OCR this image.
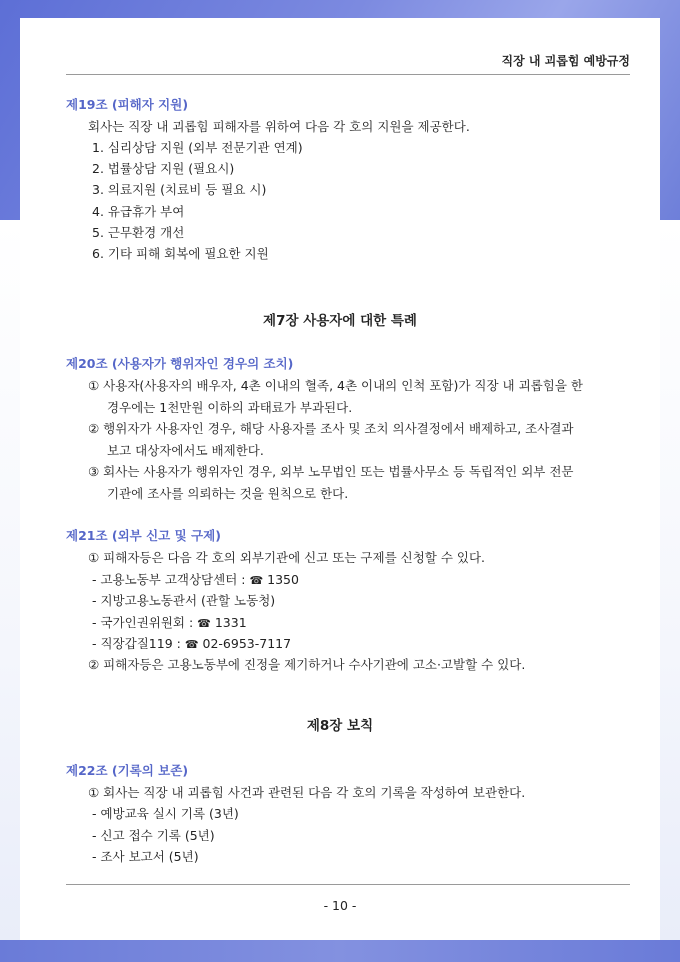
직장 내 괴롭힘 예방규정
제19조 (피해자 지원)
회사는 직장 내 괴롭힘 피해자를 위하여 다음 각 호의 지원을 제공한다.
1. 심리상담 지원 (외부 전문기관 연계)
2. 법률상담 지원 (필요시)
3. 의료지원 (치료비 등 필요 시)
4. 유급휴가 부여
5. 근무환경 개선
6. 기타 피해 회복에 필요한 지원
제7장 사용자에 대한 특례
제20조 (사용자가 행위자인 경우의 조치)
① 사용자(사용자의 배우자, 4촌 이내의 혈족, 4촌 이내의 인척 포함)가 직장 내 괴롭힘을 한
경우에는 1천만원 이하의 과태료가 부과된다.
② 행위자가 사용자인 경우, 해당 사용자를 조사 및 조치 의사결정에서 배제하고, 조사결과
보고 대상자에서도 배제한다.
③ 회사는 사용자가 행위자인 경우, 외부 노무법인 또는 법률사무소 등 독립적인 외부 전문
기관에 조사를 의뢰하는 것을 원칙으로 한다.
제21조 (외부 신고 및 구제)
① 피해자등은 다음 각 호의 외부기관에 신고 또는 구제를 신청할 수 있다.
- 고용노동부 고객상담센터 : ☎ 1350
- 지방고용노동관서 (관할 노동청)
- 국가인권위원회 : ☎ 1331
- 직장갑질119 : ☎ 02-6953-7117
② 피해자등은 고용노동부에 진정을 제기하거나 수사기관에 고소·고발할 수 있다.
제8장 보칙
제22조 (기록의 보존)
① 회사는 직장 내 괴롭힘 사건과 관련된 다음 각 호의 기록을 작성하여 보관한다.
- 예방교육 실시 기록 (3년)
- 신고 접수 기록 (5년)
- 조사 보고서 (5년)
- 10 -
